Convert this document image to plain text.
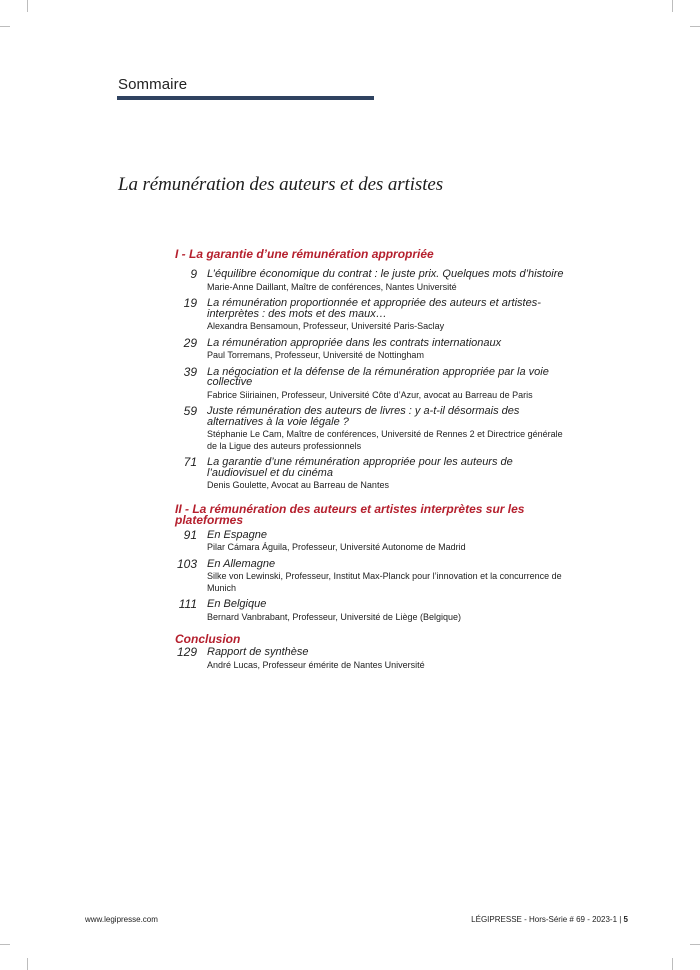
Sommaire
La rémunération des auteurs et des artistes
I - La garantie d’une rémunération appropriée
9 L’équilibre économique du contrat : le juste prix. Quelques mots d’histoire
Marie-Anne Daillant, Maître de conférences, Nantes Université
19 La rémunération proportionnée et appropriée des auteurs et artistes-interprètes : des mots et des maux…
Alexandra Bensamoun, Professeur, Université Paris-Saclay
29 La rémunération appropriée dans les contrats internationaux
Paul Torremans, Professeur, Université de Nottingham
39 La négociation et la défense de la rémunération appropriée par la voie collective
Fabrice Siiriainen, Professeur, Université Côte d’Azur, avocat au Barreau de Paris
59 Juste rémunération des auteurs de livres : y a-t-il désormais des alternatives à la voie légale ?
Stéphanie Le Cam, Maître de conférences, Université de Rennes 2 et Directrice générale de la Ligue des auteurs professionnels
71 La garantie d’une rémunération appropriée pour les auteurs de l’audiovisuel et du cinéma
Denis Goulette, Avocat au Barreau de Nantes
II - La rémunération des auteurs et artistes interprètes sur les plateformes
91 En Espagne
Pilar Cámara Águila, Professeur, Université Autonome de Madrid
103 En Allemagne
Silke von Lewinski, Professeur, Institut Max-Planck pour l’innovation et la concurrence de Munich
111 En Belgique
Bernard Vanbrabant, Professeur, Université de Liège (Belgique)
Conclusion
129 Rapport de synthèse
André Lucas, Professeur émérite de Nantes Université
www.legipresse.com	LÉGIPRESSE - Hors-Série # 69 - 2023-1 | 5
